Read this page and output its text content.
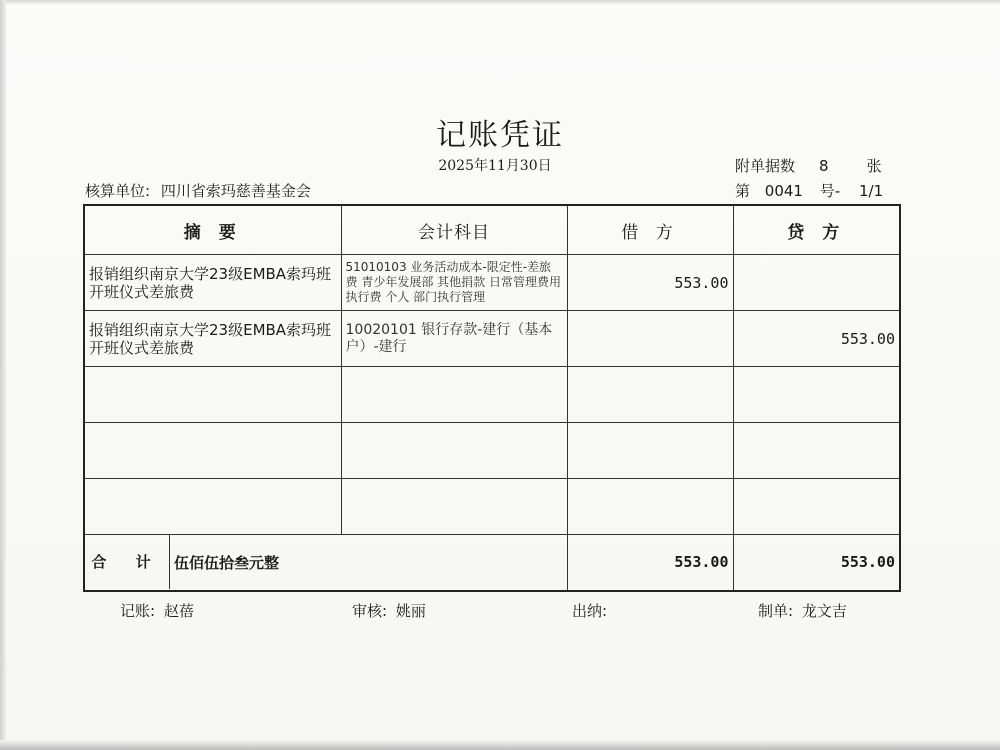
记账凭证
2025年11月30日	附单据数 8	张
核算单位: 四川省索玛慈善基金会	第 0041 号- 1/1
摘 要	会计科目	借 方	贷 方
报销组织南京大学23级EMBA索玛班开班仪式差旅费	51010103 业务活动成本-限定性-差旅费 青少年发展部 其他捐款 日常管理费用 执行费 个人 部门执行管理	553.00	
报销组织南京大学23级EMBA索玛班开班仪式差旅费	10020101 银行存款-建行（基本户）-建行		553.00

合 计 伍佰伍拾叁元整		553.00	553.00
记账: 赵蓓	审核: 姚丽	出纳:	制单: 龙文吉
